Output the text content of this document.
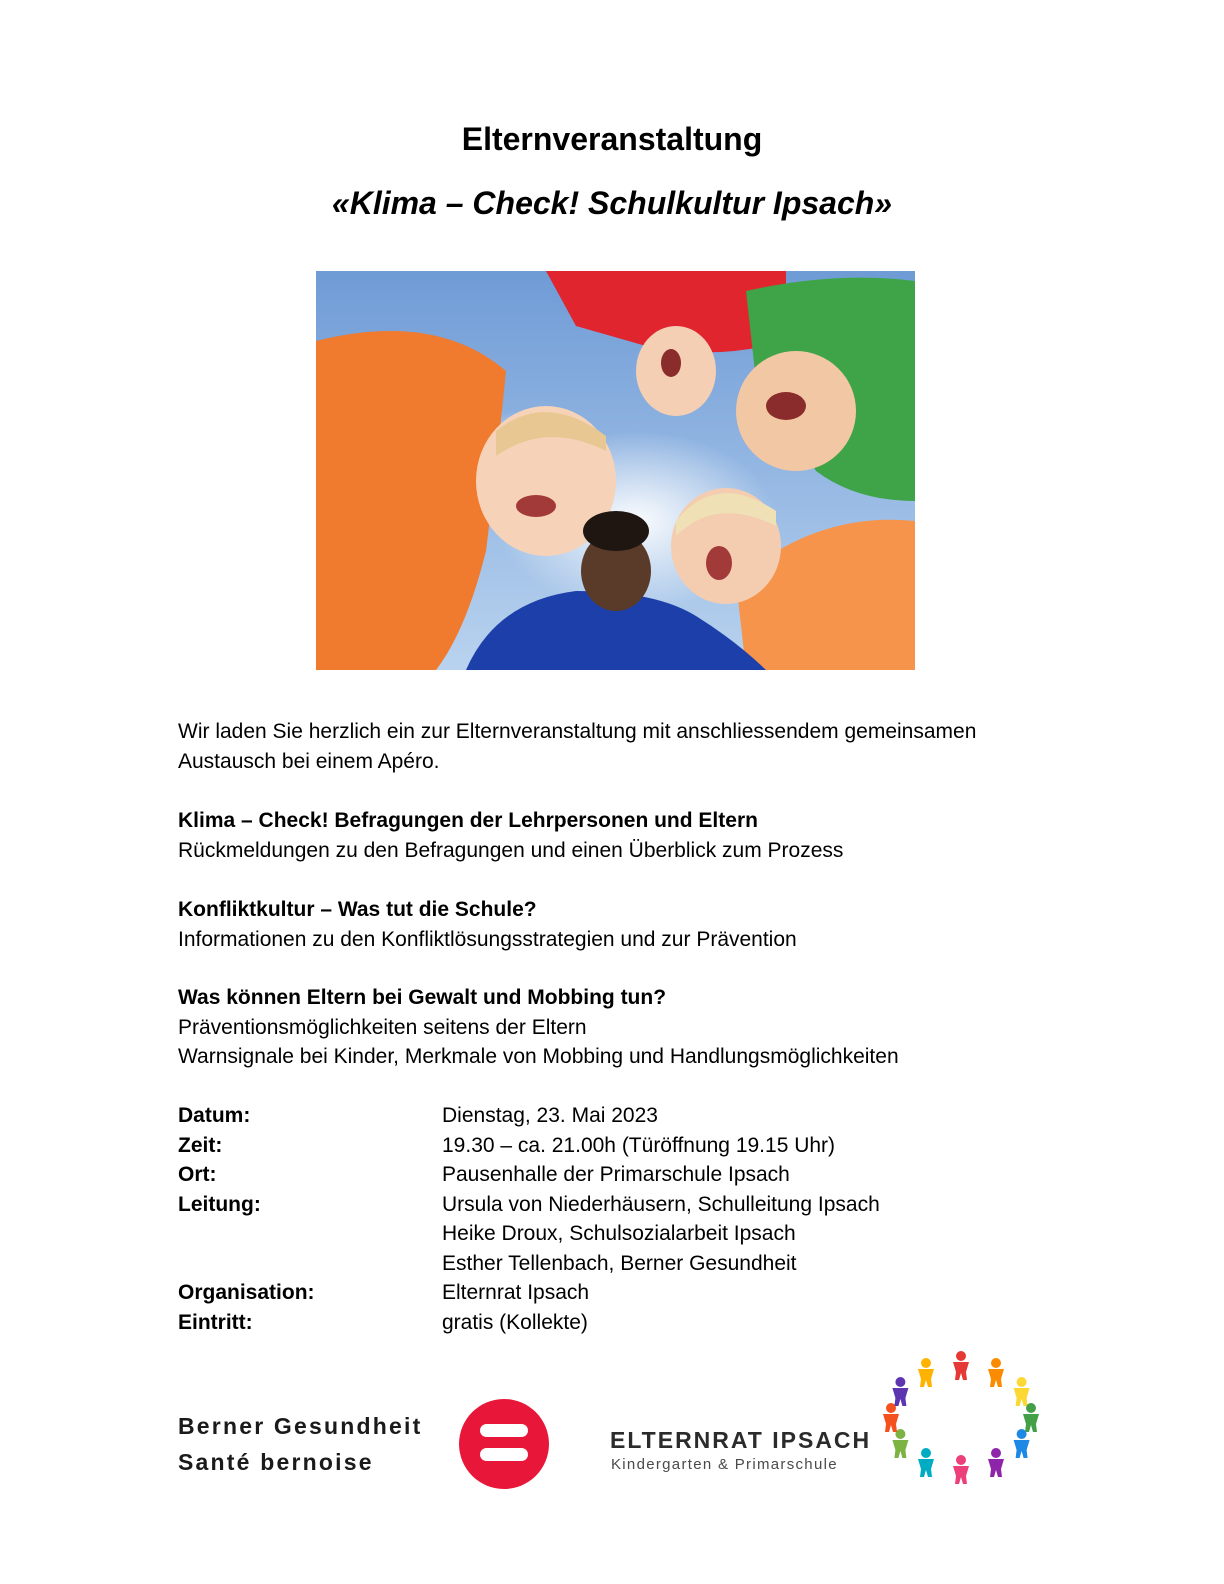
Elternveranstaltung
«Klima – Check! Schulkultur Ipsach»
Wir laden Sie herzlich ein zur Elternveranstaltung mit anschliessendem gemeinsamen
Austausch bei einem Apéro.
Klima – Check! Befragungen der Lehrpersonen und Eltern
Rückmeldungen zu den Befragungen und einen Überblick zum Prozess
Konfliktkultur – Was tut die Schule?
Informationen zu den Konfliktlösungsstrategien und zur Prävention
Was können Eltern bei Gewalt und Mobbing tun?
Präventionsmöglichkeiten seitens der Eltern
Warnsignale bei Kinder, Merkmale von Mobbing und Handlungsmöglichkeiten
Datum:	Dienstag, 23. Mai 2023
Zeit:	19.30 – ca. 21.00h (Türöffnung 19.15 Uhr)
Ort:	Pausenhalle der Primarschule Ipsach
Leitung:	Ursula von Niederhäusern, Schulleitung Ipsach
Heike Droux, Schulsozialarbeit Ipsach
Esther Tellenbach, Berner Gesundheit
Organisation:	Elternrat Ipsach
Eintritt:	gratis (Kollekte)
Berner Gesundheit
Santé bernoise
ELTERNRAT IPSACH
Kindergarten & Primarschule
